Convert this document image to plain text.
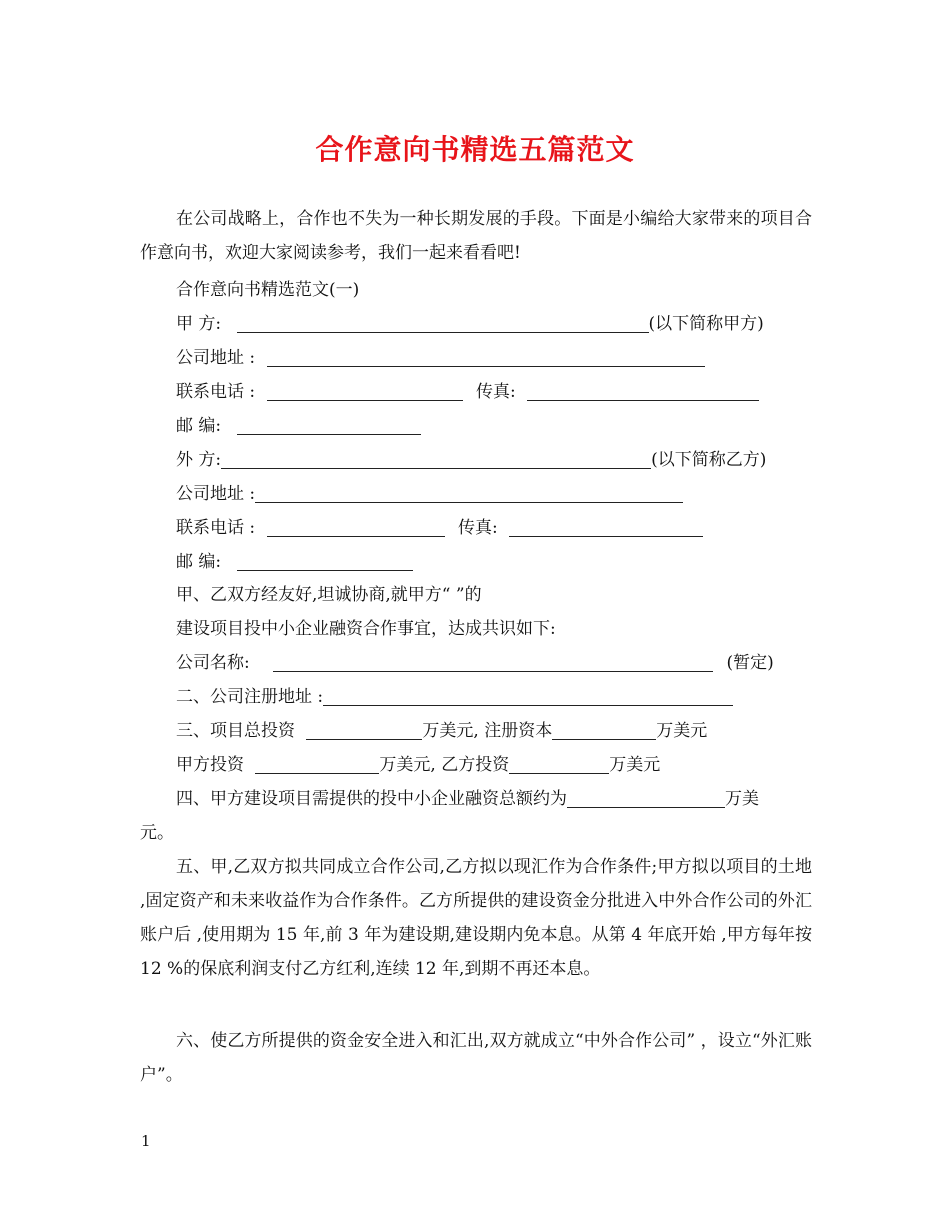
合作意向书精选五篇范文
在公司战略上，合作也不失为一种长期发展的手段。下面是小编给大家带来的项目合作意向书，欢迎大家阅读参考，我们一起来看看吧!
合作意向书精选范文(一)
甲 方:	(以下简称甲方)
公司地址 :
联系电话 :	传真:
邮 编:
外 方:	(以下简称乙方)
公司地址 :
联系电话 :	传真:
邮 编:
甲、乙双方经友好,坦诚协商,就甲方“ ”的
建设项目投中小企业融资合作事宜，达成共识如下:
公司名称:	(暂定)
二、公司注册地址 :
三、项目总投资	万美元, 注册资本	万美元
甲方投资	万美元, 乙方投资	万美元
四、甲方建设项目需提供的投中小企业融资总额约为	万美
元。
五、甲,乙双方拟共同成立合作公司,乙方拟以现汇作为合作条件;甲方拟以项目的土地 ,固定资产和未来收益作为合作条件。乙方所提供的建设资金分批进入中外合作公司的外汇账户后 ,使用期为 15 年,前 3 年为建设期,建设期内免本息。从第 4 年底开始 ,甲方每年按 12 %的保底利润支付乙方红利,连续 12 年,到期不再还本息。
六、使乙方所提供的资金安全进入和汇出,双方就成立“中外合作公司” ，设立“外汇账户”。
1
